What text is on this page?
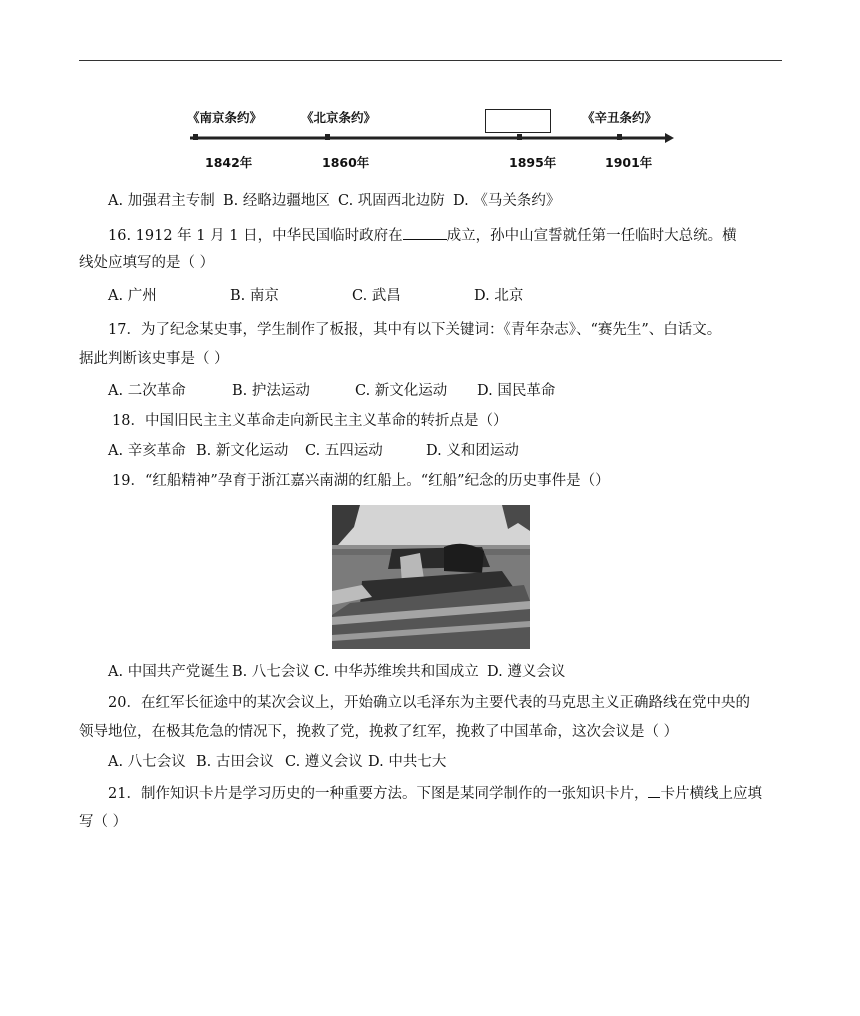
《南京条约》	《北京条约》	《辛丑条约》
1842年	1860年	1895年	1901年
A. 加强君主专制 B. 经略边疆地区 C. 巩固西北边防 D. 《马关条约》
16. 1912 年 1 月 1 日，中华民国临时政府在	成立，孙中山宣誓就任第一任临时大总统。横
线处应填写的是（ ）
A. 广州	B. 南京	C. 武昌	D. 北京
17．为了纪念某史事，学生制作了板报，其中有以下关键词：《青年杂志》、“赛先生”、白话文。
据此判断该史事是（ ）
A. 二次革命	B. 护法运动	C. 新文化运动 D. 国民革命
18．中国旧民主主义革命走向新民主主义革命的转折点是（）
A. 辛亥革命 B. 新文化运动 C. 五四运动	D. 义和团运动
19．“红船精神”孕育于浙江嘉兴南湖的红船上。“红船”纪念的历史事件是（）
A. 中国共产党诞生 B. 八七会议 C. 中华苏维埃共和国成立 D. 遵义会议
20．在红军长征途中的某次会议上，开始确立以毛泽东为主要代表的马克思主义正确路线在党中央的
领导地位，在极其危急的情况下，挽救了党，挽救了红军，挽救了中国革命，这次会议是（ ）
A. 八七会议 B. 古田会议 C. 遵义会议 D. 中共七大
21．制作知识卡片是学习历史的一种重要方法。下图是某同学制作的一张知识卡片， 卡片横线上应填
写（ ）
